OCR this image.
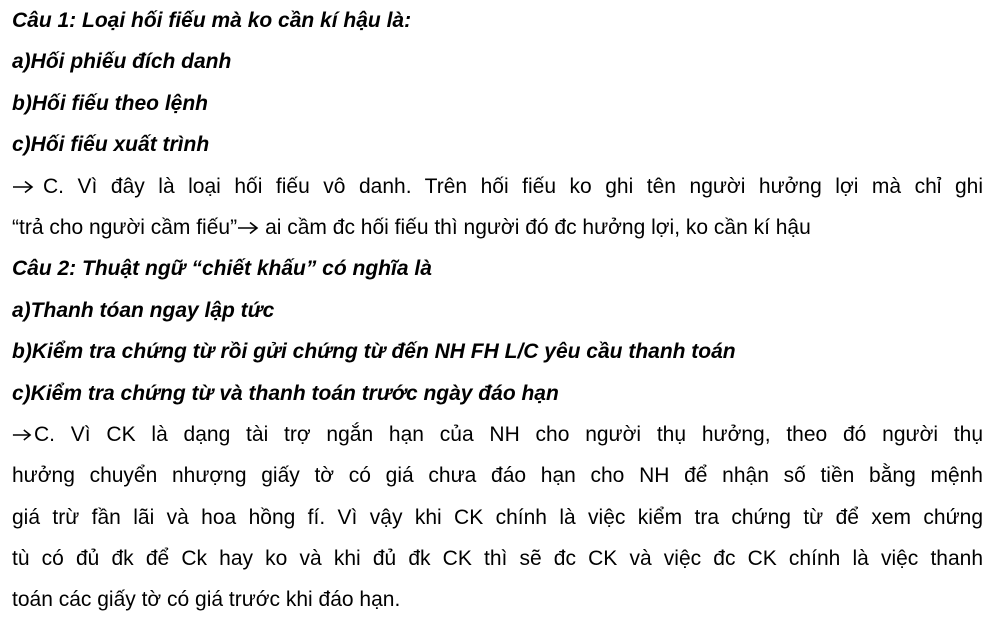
Câu 1: Loại hối fiếu mà ko cần kí hậu là:
a)Hối phiếu đích danh
b)Hối fiếu theo lệnh
c)Hối fiếu xuất trình
C. Vì đây là loại hối fiếu vô danh. Trên hối fiếu ko ghi tên người hưởng lợi mà chỉ ghi
“trả cho người cầm fiếu” ai cầm đc hối fiếu thì người đó đc hưởng lợi, ko cần kí hậu
Câu 2: Thuật ngữ “chiết khấu” có nghĩa là
a)Thanh tóan ngay lập tức
b)Kiểm tra chứng từ rồi gửi chứng từ đến NH FH L/C yêu cầu thanh toán
c)Kiểm tra chứng từ và thanh toán trước ngày đáo hạn
C. Vì CK là dạng tài trợ ngắn hạn của NH cho người thụ hưởng, theo đó người thụ
hưởng chuyển nhượng giấy tờ có giá chưa đáo hạn cho NH để nhận số tiền bằng mệnh
giá trừ fần lãi và hoa hồng fí. Vì vậy khi CK chính là việc kiểm tra chứng từ để xem chứng
tù có đủ đk để Ck hay ko và khi đủ đk CK thì sẽ đc CK và việc đc CK chính là việc thanh
toán các giấy tờ có giá trước khi đáo hạn.
